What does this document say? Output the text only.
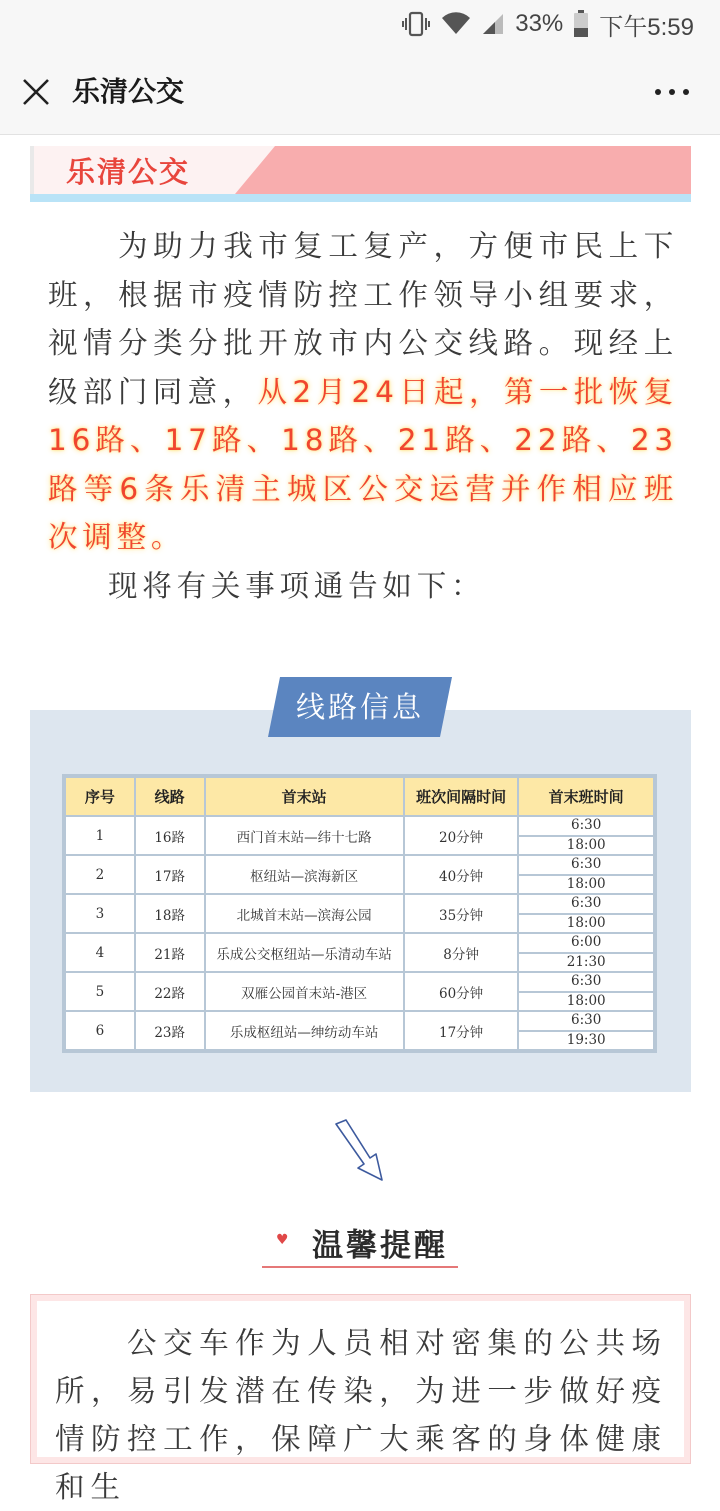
33% 下午5:59
乐清公交
乐清公交
　　为助力我市复工复产，方便市民上下班，根据市疫情防控工作领导小组要求，视情分类分批开放市内公交线路。现经上级部门同意，从2月24日起，第一批恢复16路、17路、18路、21路、22路、23路等6条乐清主城区公交运营并作相应班次调整。
现将有关事项通告如下：
线路信息
序号	线路	首末站	班次间隔时间	首末班时间
1	16路	西门首末站—纬十七路	20分钟	6:30
				18:00
2	17路	枢纽站—滨海新区	40分钟	6:30
				18:00
3	18路	北城首末站—滨海公园	35分钟	6:30
				18:00
4	21路	乐成公交枢纽站—乐清动车站	8分钟	6:00
				21:30
5	22路	双雁公园首末站-港区	60分钟	6:30
				18:00
6	23路	乐成枢纽站—绅纺动车站	17分钟	6:30
				19:30
♥ 温馨提醒
　　公交车作为人员相对密集的公共场所，易引发潜在传染，为进一步做好疫情防控工作，保障广大乘客的身体健康和生
